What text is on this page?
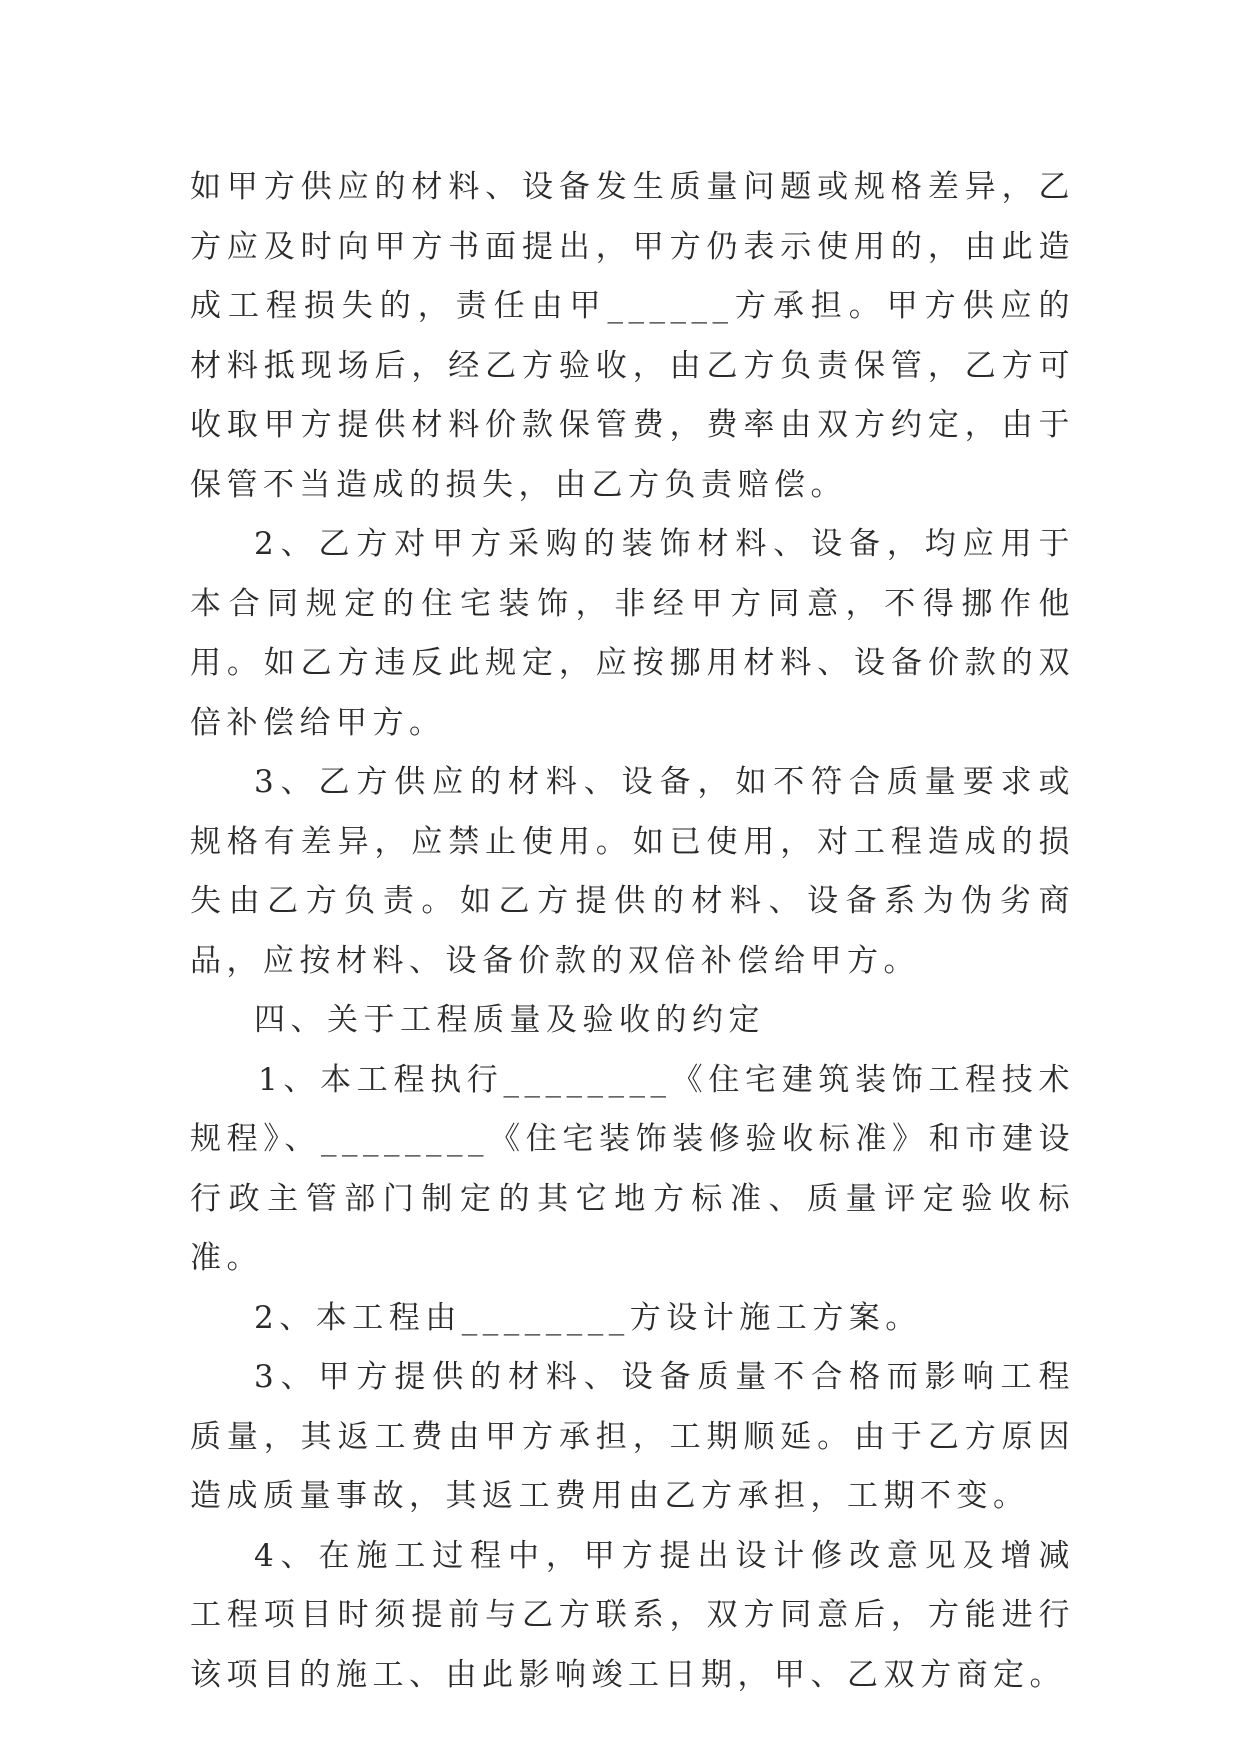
如甲方供应的材料、设备发生质量问题或规格差异，乙方应及时向甲方书面提出，甲方仍表示使用的，由此造成工程损失的，责任由甲______方承担。甲方供应的材料抵现场后，经乙方验收，由乙方负责保管，乙方可收取甲方提供材料价款保管费，费率由双方约定，由于保管不当造成的损失，由乙方负责赔偿。

2、乙方对甲方采购的装饰材料、设备，均应用于本合同规定的住宅装饰，非经甲方同意，不得挪作他用。如乙方违反此规定，应按挪用材料、设备价款的双倍补偿给甲方。

3、乙方供应的材料、设备，如不符合质量要求或规格有差异，应禁止使用。如已使用，对工程造成的损失由乙方负责。如乙方提供的材料、设备系为伪劣商品，应按材料、设备价款的双倍补偿给甲方。

四、关于工程质量及验收的约定

1、本工程执行________《住宅建筑装饰工程技术规程》、________《住宅装饰装修验收标准》和市建设行政主管部门制定的其它地方标准、质量评定验收标准。

2、本工程由________方设计施工方案。

3、甲方提供的材料、设备质量不合格而影响工程质量，其返工费由甲方承担，工期顺延。由于乙方原因造成质量事故，其返工费用由乙方承担，工期不变。

4、在施工过程中，甲方提出设计修改意见及增减工程项目时须提前与乙方联系，双方同意后，方能进行该项目的施工、由此影响竣工日期，甲、乙双方商定。
